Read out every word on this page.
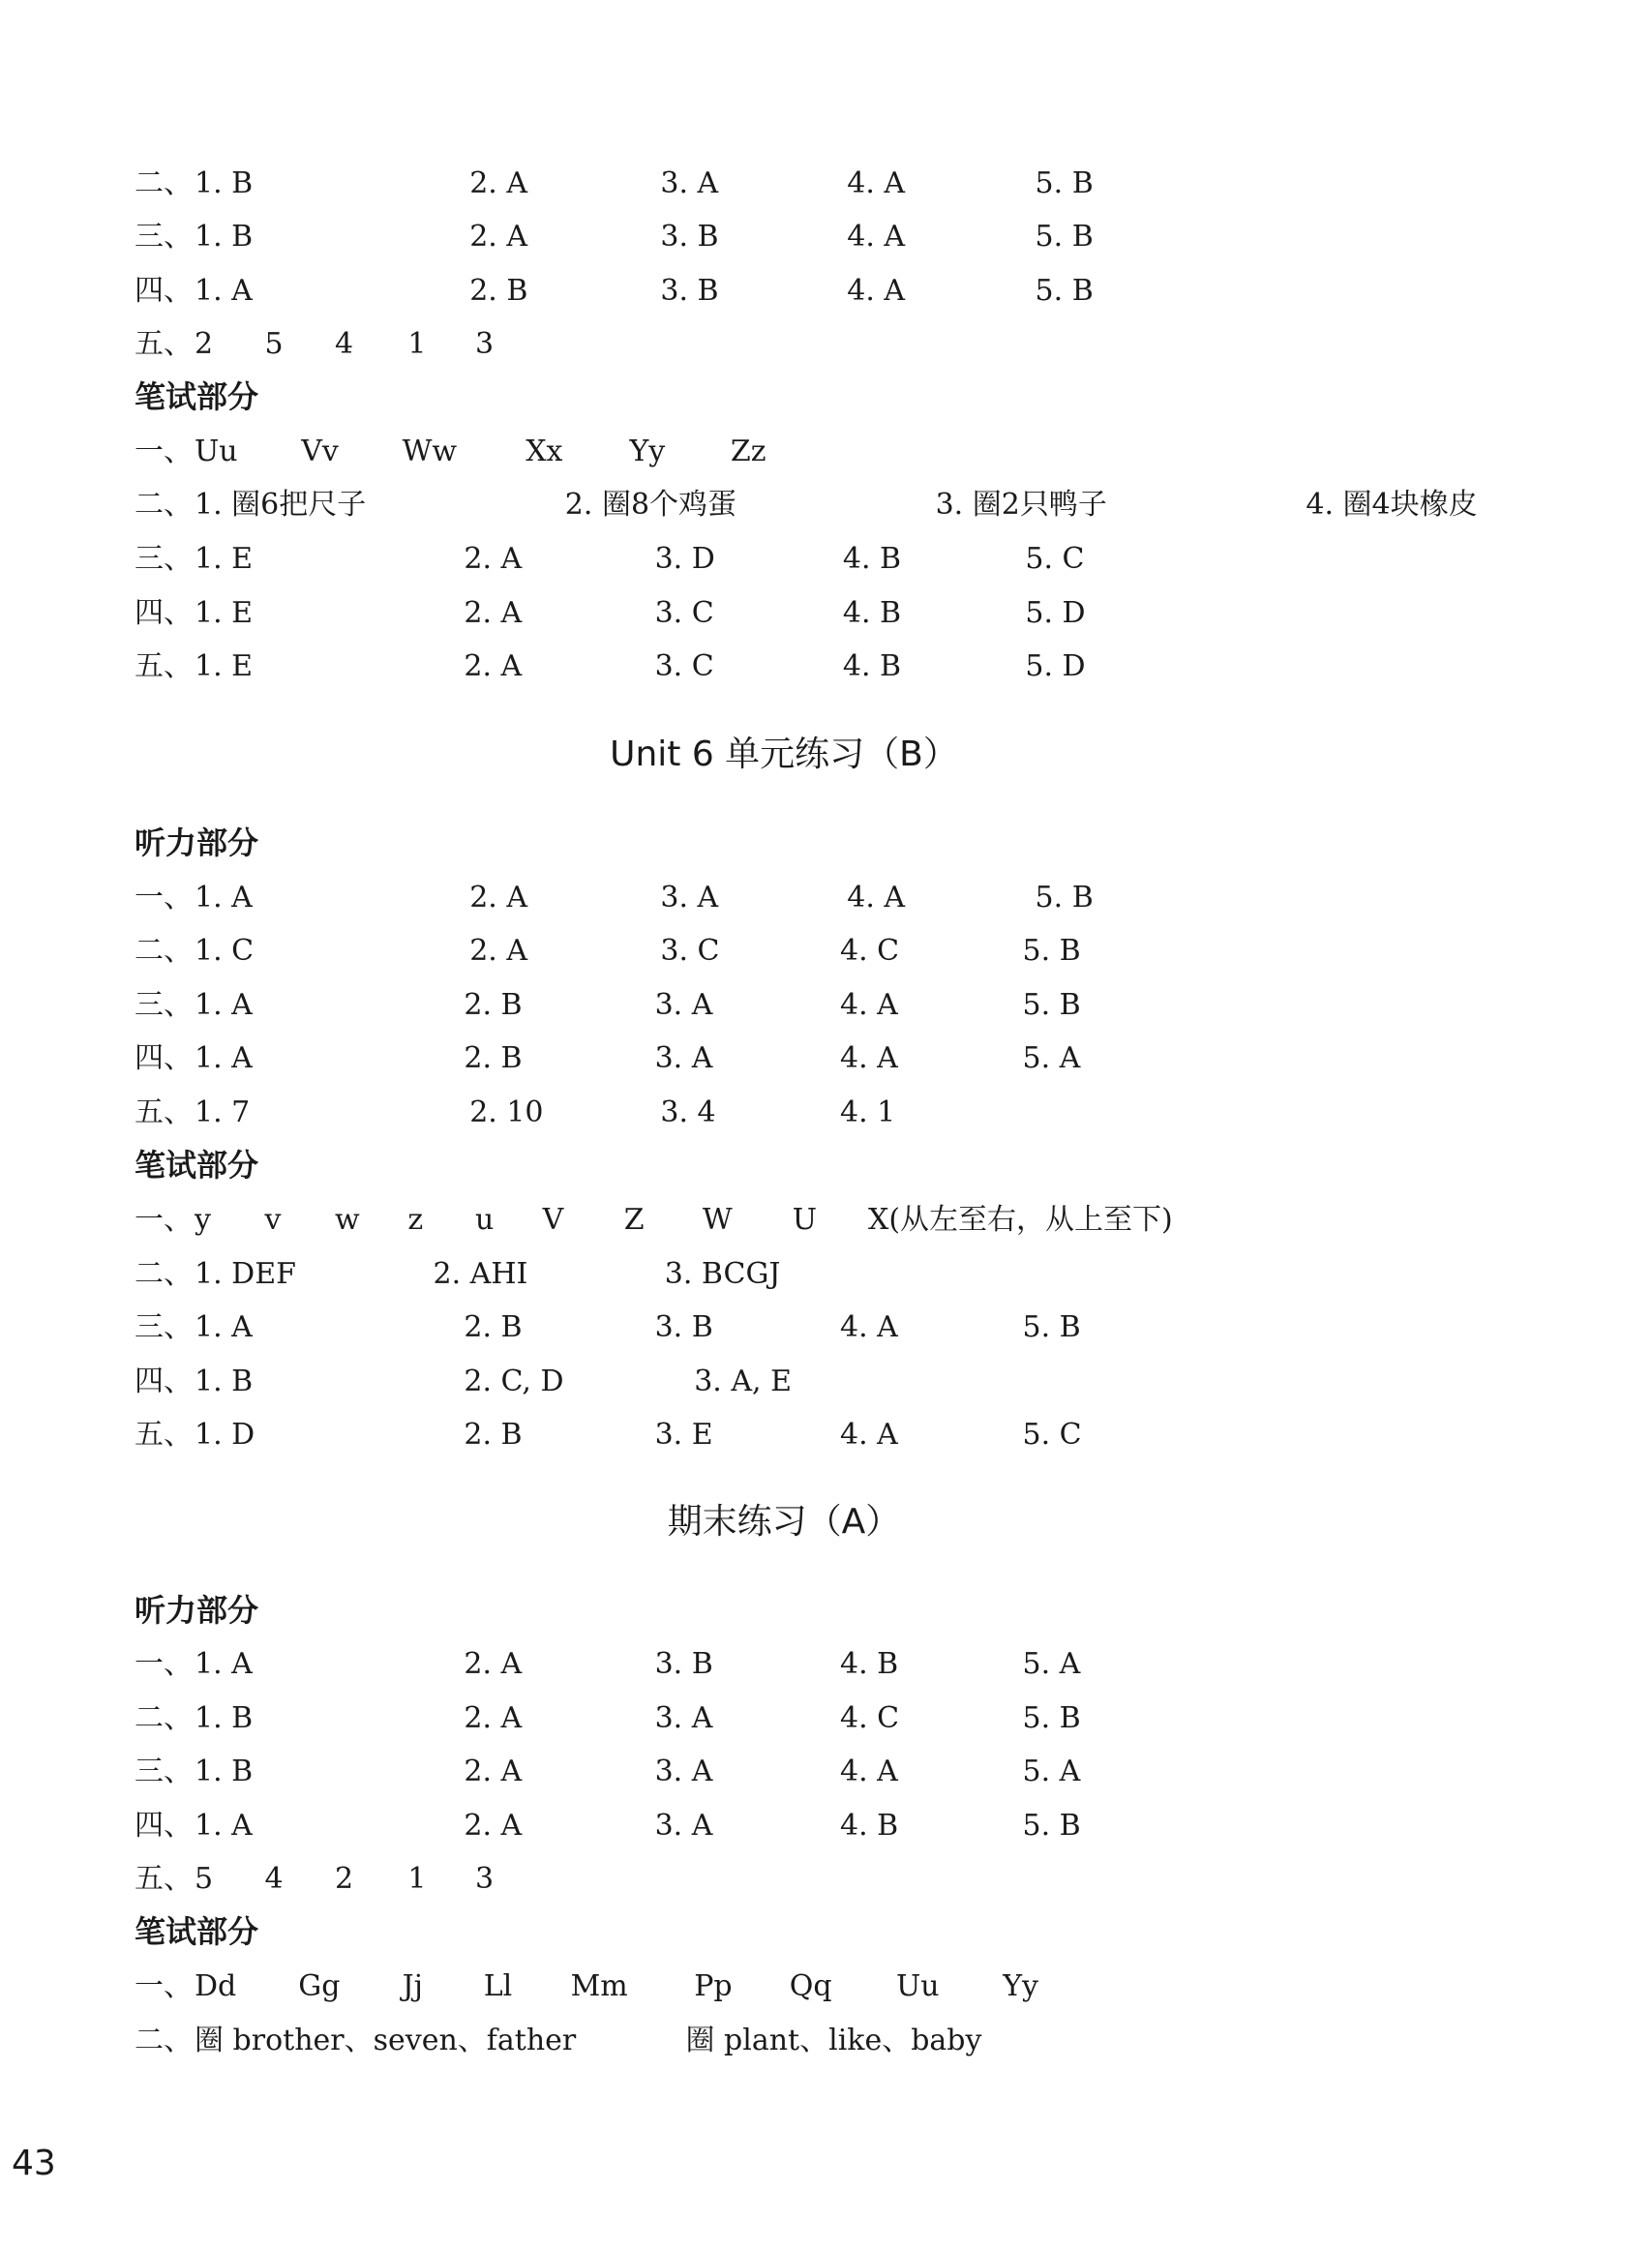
二、 1. B	2. A	3. A	4. A	5. B
三、 1. B	2. A	3. B	4. A	5. B
四、 1. A	2. B	3. B	4. A	5. B
五、 2 5 4 1 3
笔试部分
一、 Uu Vv Ww Xx Yy Zz
二、 1. 圈6把尺子	2. 圈8个鸡蛋	3. 圈2只鸭子	4. 圈4块橡皮
三、 1. E	2. A	3. D	4. B	5. C
四、 1. E	2. A	3. C	4. B	5. D
五、 1. E	2. A	3. C	4. B	5. D
Unit 6 单元练习（B）
听力部分
一、 1. A	2. A	3. A	4. A	5. B
二、 1. C	2. A	3. C	4. C	5. B
三、 1. A	2. B	3. A	4. A	5. B
四、 1. A	2. B	3. A	4. A	5. A
五、 1. 7	2. 10	3. 4	4. 1
笔试部分
一、 y v w z u V Z W U X(从左至右，从上至下)
二、 1. DEF	2. AHI	3. BCGJ
三、 1. A	2. B	3. B	4. A	5. B
四、 1. B	2. C, D	3. A, E
五、 1. D	2. B	3. E	4. A	5. C
期末练习（A）
听力部分
一、 1. A	2. A	3. B	4. B	5. A
二、 1. B	2. A	3. A	4. C	5. B
三、 1. B	2. A	3. A	4. A	5. A
四、 1. A	2. A	3. A	4. B	5. B
五、 5 4 2 1 3
笔试部分
一、 Dd Gg Jj Ll Mm Pp Qq Uu Yy
二、 圈 brother、seven、father	圈 plant、like、baby
43
